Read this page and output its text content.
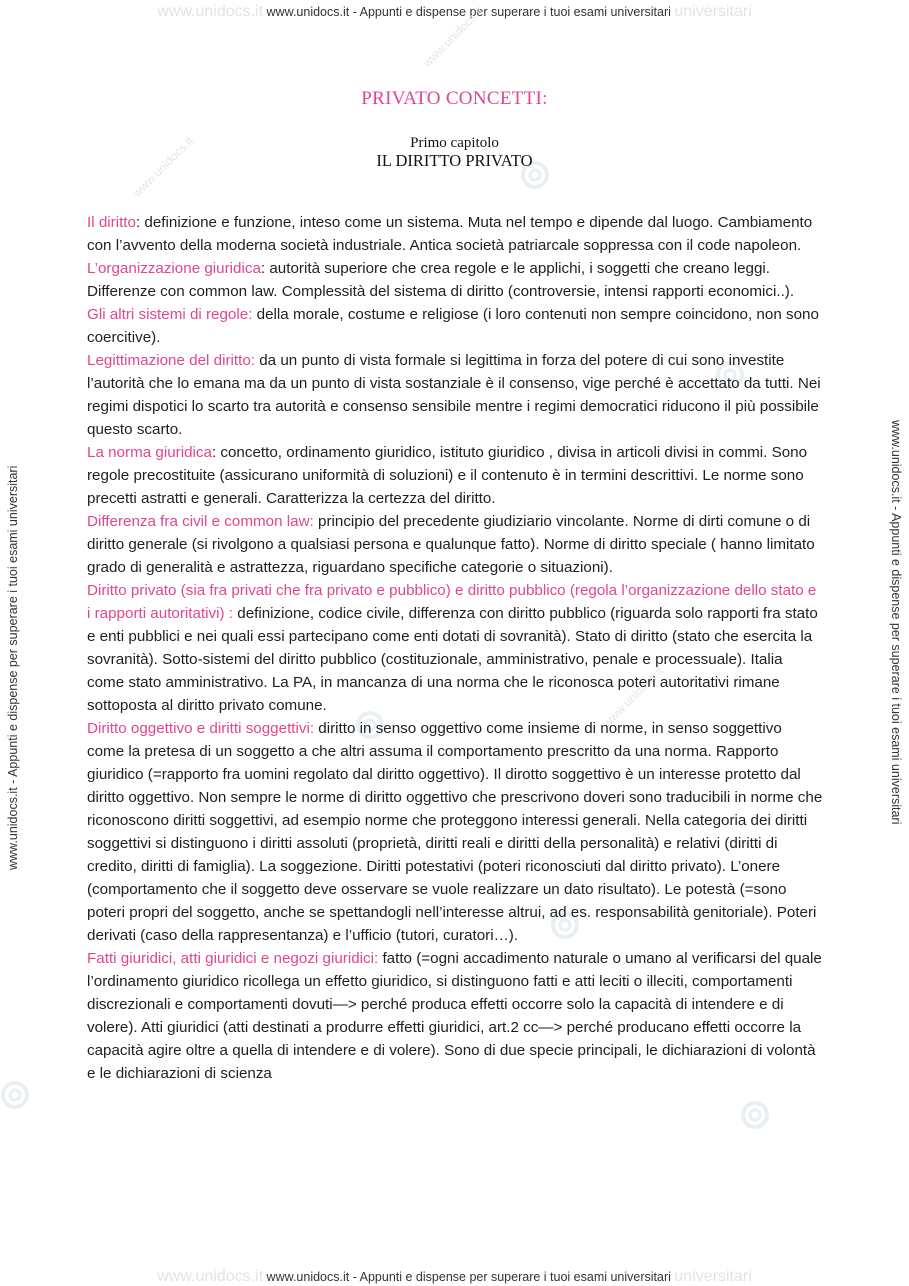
www.unidocs.it www.unidocs.it - Appunti e dispense per superare i tuoi esami universitari universitari
www.unidocs.it www.unidocs.it - Appunti e dispense per superare i tuoi esami universitari universitari
www.unidocs.it - Appunti e dispense per superare i tuoi esami universitari	www.unidocs.it - Appunti e dispense per superare i tuoi esami universitari
www.unidocs.it
www.unidocs.it
www.unidocs.it
PRIVATO CONCETTI:
Primo capitolo
IL DIRITTO PRIVATO

Il diritto: definizione e funzione, inteso come un sistema. Muta nel tempo e dipende dal luogo. Cambiamento con l’avvento della moderna società industriale. Antica società patriarcale soppressa con il code napoleon.

L’organizzazione giuridica: autorità superiore che crea regole e le applichi, i soggetti che creano leggi. Differenze con common law. Complessità del sistema di diritto (controversie, intensi rapporti economici..).

Gli altri sistemi di regole: della morale, costume e religiose (i loro contenuti non sempre coincidono, non sono coercitive).

Legittimazione del diritto: da un punto di vista formale si legittima in forza del potere di cui sono investite l’autorità che lo emana ma da un punto di vista sostanziale è il consenso, vige perché è accettato da tutti. Nei regimi dispotici lo scarto tra autorità e consenso sensibile mentre i regimi democratici riducono il più possibile questo scarto.

La norma giuridica: concetto, ordinamento giuridico, istituto giuridico , divisa in articoli divisi in commi. Sono regole precostituite (assicurano uniformità di soluzioni) e il contenuto è in termini descrittivi. Le norme sono precetti astratti e generali. Caratterizza la certezza del diritto.

Differenza fra civil e common law: principio del precedente giudiziario vincolante. Norme di dirti comune o di diritto generale (si rivolgono a qualsiasi persona e qualunque fatto). Norme di diritto speciale ( hanno limitato grado di generalità e astrattezza, riguardano specifiche categorie o situazioni).

Diritto privato (sia fra privati che fra privato e pubblico) e diritto pubblico (regola l’organizzazione dello stato e i rapporti autoritativi) : definizione, codice civile, differenza con diritto pubblico (riguarda solo rapporti fra stato e enti pubblici e nei quali essi partecipano come enti dotati di sovranità). Stato di diritto (stato che esercita la sovranità). Sotto-sistemi del diritto pubblico (costituzionale, amministrativo, penale e processuale). Italia come stato amministrativo. La PA, in mancanza di una norma che le riconosca poteri autoritativi rimane sottoposta al diritto privato comune.

Diritto oggettivo e diritti soggettivi: diritto in senso oggettivo come insieme di norme, in senso soggettivo come la pretesa di un soggetto a che altri assuma il comportamento prescritto da una norma. Rapporto giuridico (=rapporto fra uomini regolato dal diritto oggettivo). Il dirotto soggettivo è un interesse protetto dal diritto oggettivo. Non sempre le norme di diritto oggettivo che prescrivono doveri sono traducibili in norme che riconoscono diritti soggettivi, ad esempio norme che proteggono interessi generali. Nella categoria dei diritti soggettivi si distinguono i diritti assoluti (proprietà, diritti reali e diritti della personalità) e relativi (diritti di credito, diritti di famiglia). La soggezione. Diritti potestativi (poteri riconosciuti dal diritto privato). L’onere (comportamento che il soggetto deve osservare se vuole realizzare un dato risultato). Le potestà (=sono poteri propri del soggetto, anche se spettandogli nell’interesse altrui, ad es. responsabilità genitoriale). Poteri derivati (caso della rappresentanza) e l’ufficio (tutori, curatori…).

Fatti giuridici, atti giuridici e negozi giuridici: fatto (=ogni accadimento naturale o umano al verificarsi del quale l’ordinamento giuridico ricollega un effetto giuridico, si distinguono fatti e atti leciti o illeciti, comportamenti discrezionali e comportamenti dovuti—> perché produca effetti occorre solo la capacità di intendere e di volere). Atti giuridici (atti destinati a produrre effetti giuridici, art.2 cc—> perché producano effetti occorre la capacità agire oltre a quella di intendere e di volere). Sono di due specie principali, le dichiarazioni di volontà e le dichiarazioni di scienza
